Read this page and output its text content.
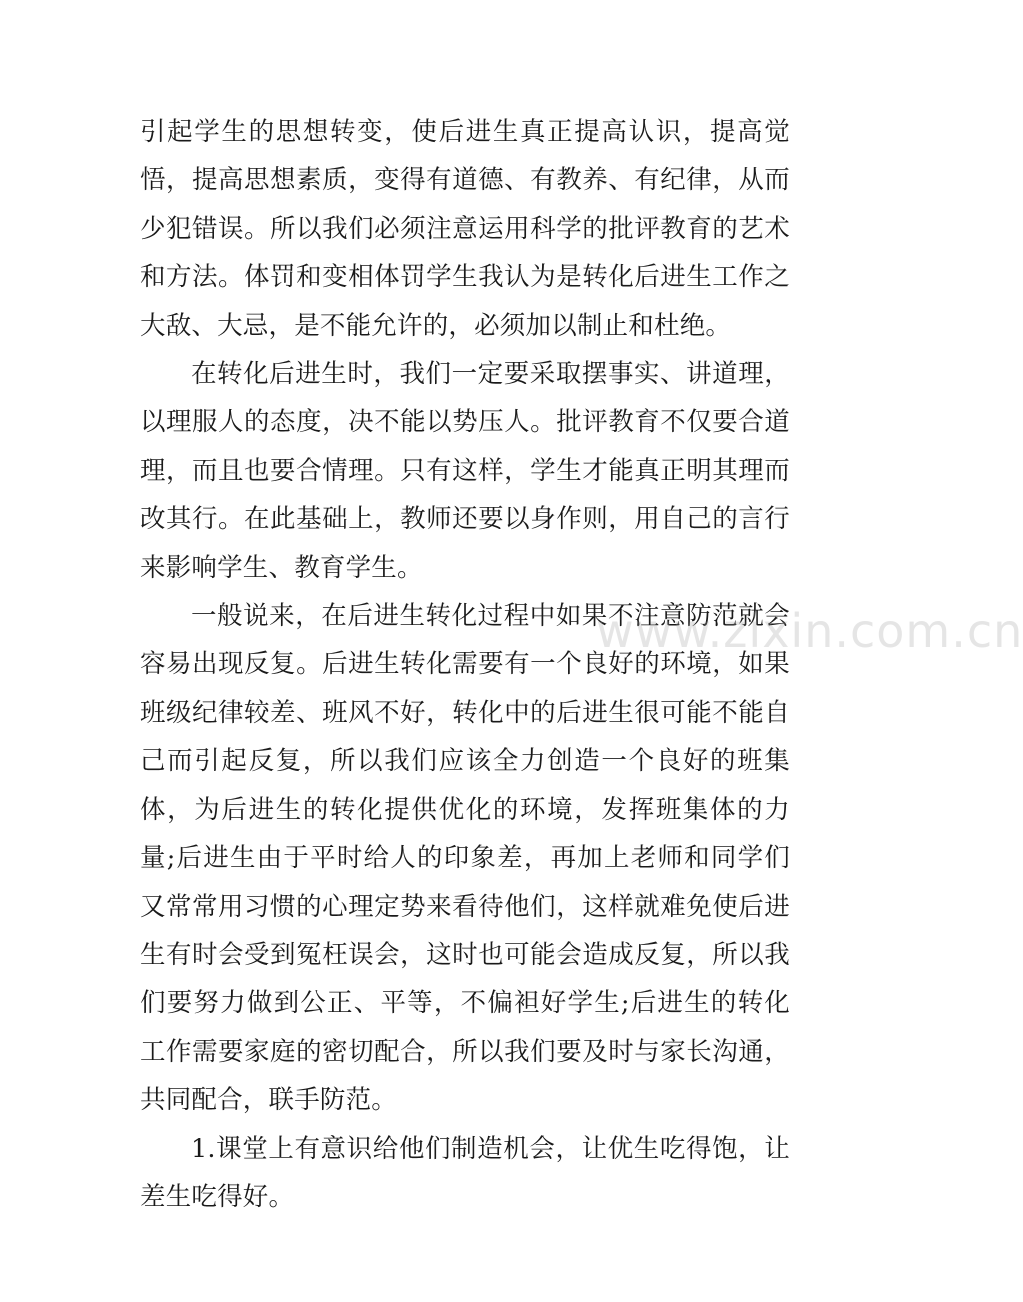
引起学生的思想转变，使后进生真正提高认识，提高觉悟，提高思想素质，变得有道德、有教养、有纪律，从而少犯错误。所以我们必须注意运用科学的批评教育的艺术和方法。体罚和变相体罚学生我认为是转化后进生工作之大敌、大忌，是不能允许的，必须加以制止和杜绝。

在转化后进生时，我们一定要采取摆事实、讲道理，以理服人的态度，决不能以势压人。批评教育不仅要合道理，而且也要合情理。只有这样，学生才能真正明其理而改其行。在此基础上，教师还要以身作则，用自己的言行来影响学生、教育学生。

一般说来，在后进生转化过程中如果不注意防范就会容易出现反复。后进生转化需要有一个良好的环境，如果班级纪律较差、班风不好，转化中的后进生很可能不能自己而引起反复，所以我们应该全力创造一个良好的班集体，为后进生的转化提供优化的环境，发挥班集体的力量;后进生由于平时给人的印象差，再加上老师和同学们又常常用习惯的心理定势来看待他们，这样就难免使后进生有时会受到冤枉误会，这时也可能会造成反复，所以我们要努力做到公正、平等，不偏袒好学生;后进生的转化工作需要家庭的密切配合，所以我们要及时与家长沟通，共同配合，联手防范。

1.课堂上有意识给他们制造机会，让优生吃得饱，让差生吃得好。

www.zixin.com.cn
